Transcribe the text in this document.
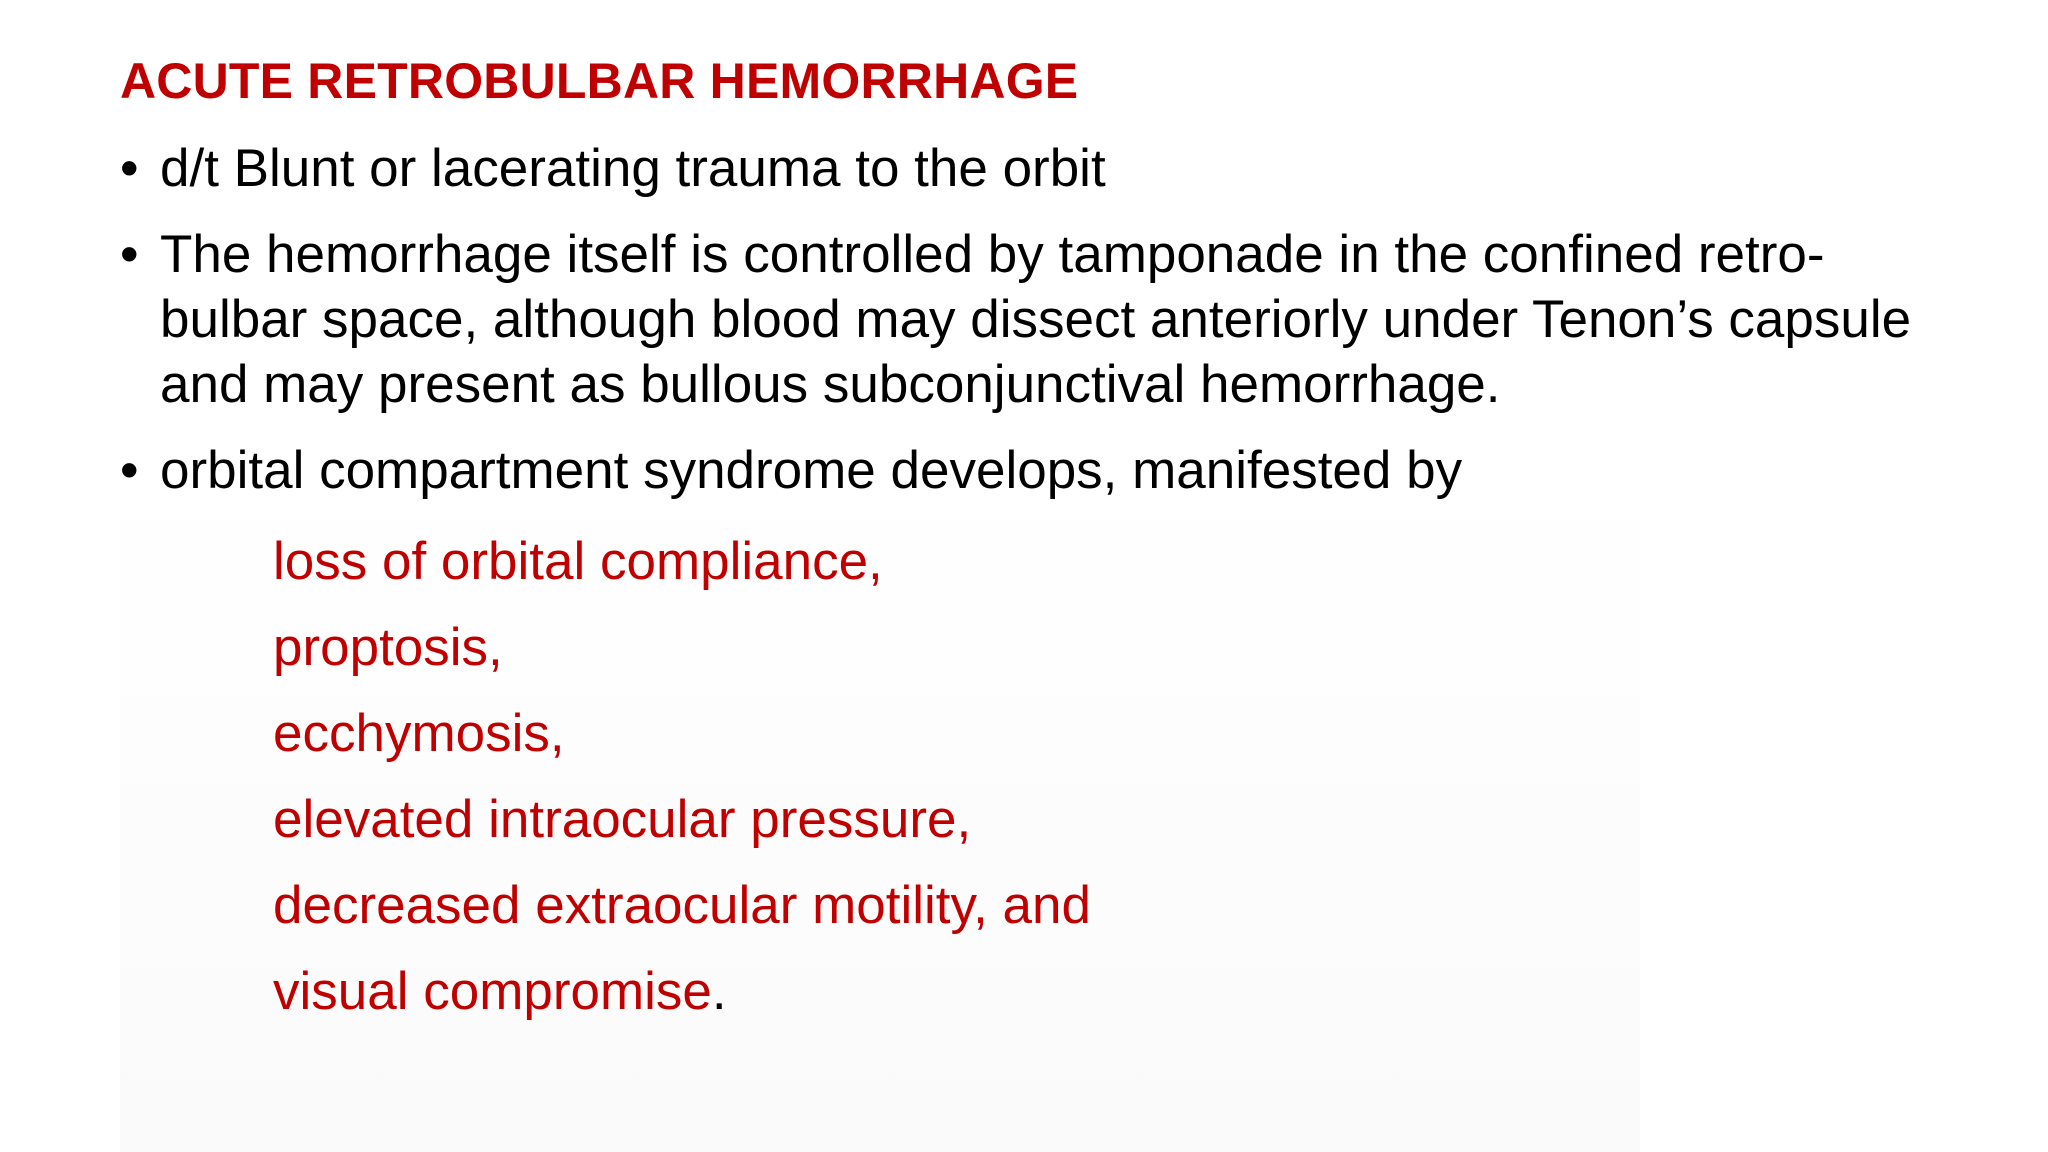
ACUTE RETROBULBAR HEMORRHAGE
• d/t Blunt or lacerating trauma to the orbit
• The hemorrhage itself is controlled by tamponade in the confined retro-
bulbar space, although blood may dissect anteriorly under Tenon’s capsule
and may present as bullous subconjunctival hemorrhage.
• orbital compartment syndrome develops, manifested by
loss of orbital compliance,
proptosis,
ecchymosis,
elevated intraocular pressure,
decreased extraocular motility, and
visual compromise.
